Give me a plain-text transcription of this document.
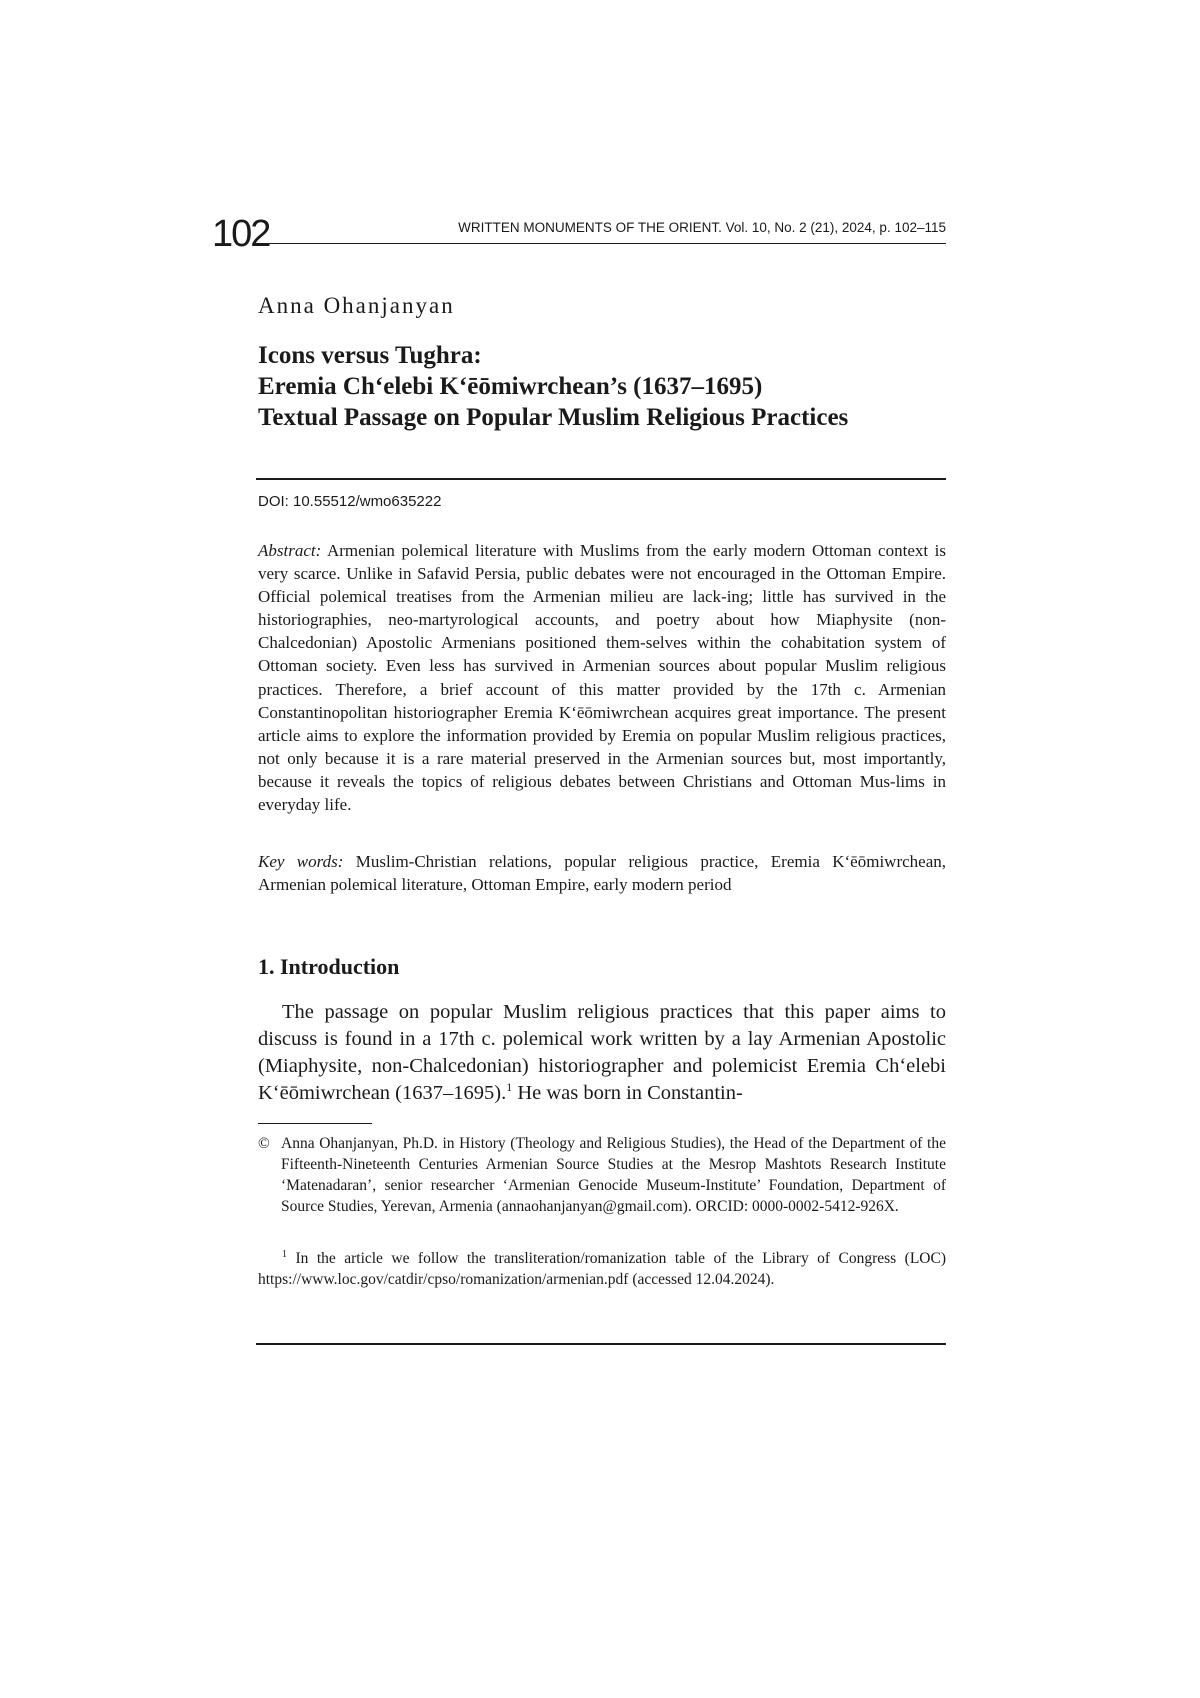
102	WRITTEN MONUMENTS OF THE ORIENT. Vol. 10, No. 2 (21), 2024, p. 102–115
Anna Ohanjanyan
Icons versus Tughra:
Eremia Chʻelebi Kʻēōmiwrchean’s (1637–1695)
Textual Passage on Popular Muslim Religious Practices
DOI: 10.55512/wmo635222
Abstract: Armenian polemical literature with Muslims from the early modern Ottoman context is very scarce. Unlike in Safavid Persia, public debates were not encouraged in the Ottoman Empire. Official polemical treatises from the Armenian milieu are lack-ing; little has survived in the historiographies, neo-martyrological accounts, and poetry about how Miaphysite (non-Chalcedonian) Apostolic Armenians positioned them-selves within the cohabitation system of Ottoman society. Even less has survived in Armenian sources about popular Muslim religious practices. Therefore, a brief account of this matter provided by the 17th c. Armenian Constantinopolitan historiographer Eremia Kʻēōmiwrchean acquires great importance. The present article aims to explore the information provided by Eremia on popular Muslim religious practices, not only because it is a rare material preserved in the Armenian sources but, most importantly, because it reveals the topics of religious debates between Christians and Ottoman Mus-lims in everyday life.
Key words: Muslim-Christian relations, popular religious practice, Eremia Kʻēōmiwrchean, Armenian polemical literature, Ottoman Empire, early modern period
1. Introduction
The passage on popular Muslim religious practices that this paper aims to discuss is found in a 17th c. polemical work written by a lay Armenian Apostolic (Miaphysite, non-Chalcedonian) historiographer and polemicist Eremia Chʻelebi Kʻēōmiwrchean (1637–1695).$^1$ He was born in Constantin-
© Anna Ohanjanyan, Ph.D. in History (Theology and Religious Studies), the Head of the Department of the Fifteenth-Nineteenth Centuries Armenian Source Studies at the Mesrop Mashtots Research Institute ‘Matenadaran’, senior researcher ‘Armenian Genocide Museum-Institute’ Foundation, Department of Source Studies, Yerevan, Armenia (annaohanjanyan@gmail.com). ORCID: 0000-0002-5412-926X.
$^1$ In the article we follow the transliteration/romanization table of the Library of Congress (LOC) https://www.loc.gov/catdir/cpso/romanization/armenian.pdf (accessed 12.04.2024).
